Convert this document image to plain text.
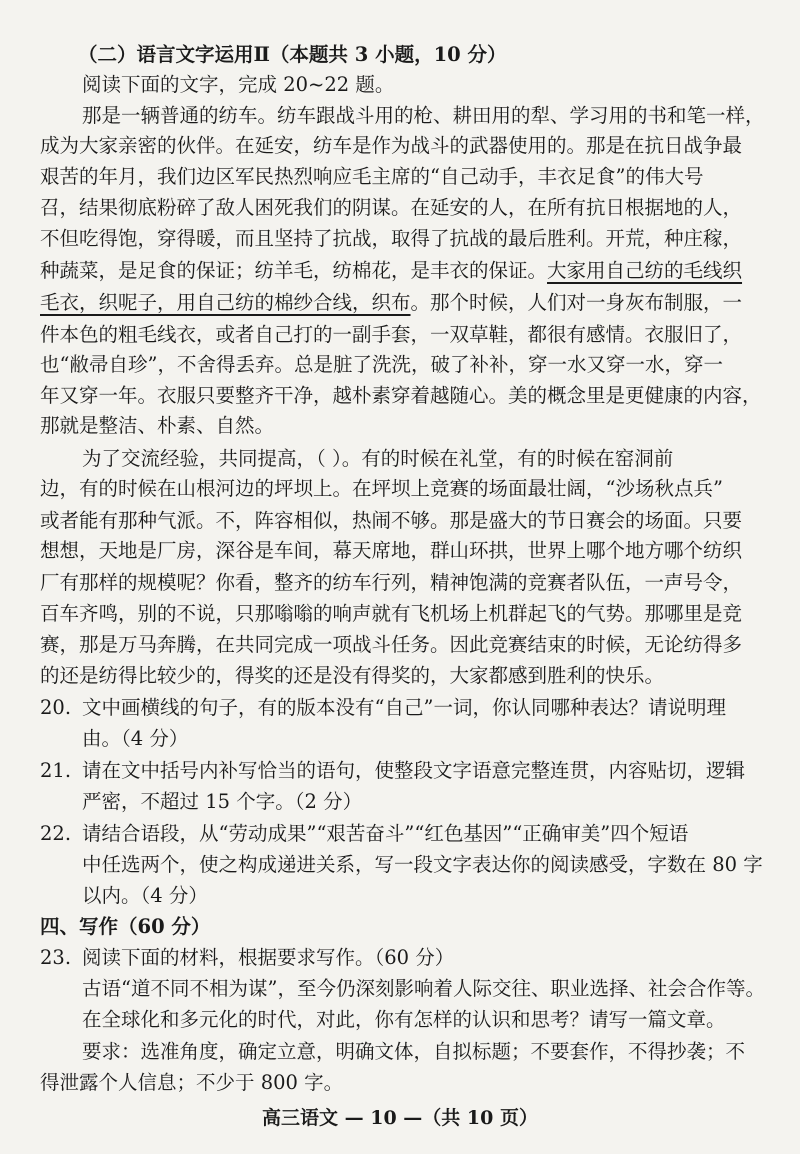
（二）语言文字运用Ⅱ（本题共 3 小题，10 分）
阅读下面的文字，完成 20~22 题。
那是一辆普通的纺车。纺车跟战斗用的枪、耕田用的犁、学习用的书和笔一样，
成为大家亲密的伙伴。在延安，纺车是作为战斗的武器使用的。那是在抗日战争最
艰苦的年月，我们边区军民热烈响应毛主席的“自己动手，丰衣足食”的伟大号
召，结果彻底粉碎了敌人困死我们的阴谋。在延安的人，在所有抗日根据地的人，
不但吃得饱，穿得暖，而且坚持了抗战，取得了抗战的最后胜利。开荒，种庄稼，
种蔬菜，是足食的保证；纺羊毛，纺棉花，是丰衣的保证。大家用自己纺的毛线织
毛衣，织呢子，用自己纺的棉纱合线，织布。那个时候，人们对一身灰布制服，一
件本色的粗毛线衣，或者自己打的一副手套，一双草鞋，都很有感情。衣服旧了，
也“敝帚自珍”，不舍得丢弃。总是脏了洗洗，破了补补，穿一水又穿一水，穿一
年又穿一年。衣服只要整齐干净，越朴素穿着越随心。美的概念里是更健康的内容，
那就是整洁、朴素、自然。
为了交流经验，共同提高，（ ）。有的时候在礼堂，有的时候在窑洞前
边，有的时候在山根河边的坪坝上。在坪坝上竞赛的场面最壮阔，“沙场秋点兵”
或者能有那种气派。不，阵容相似，热闹不够。那是盛大的节日赛会的场面。只要
想想，天地是厂房，深谷是车间，幕天席地，群山环拱，世界上哪个地方哪个纺织
厂有那样的规模呢？你看，整齐的纺车行列，精神饱满的竞赛者队伍，一声号令，
百车齐鸣，别的不说，只那嗡嗡的响声就有飞机场上机群起飞的气势。那哪里是竞
赛，那是万马奔腾，在共同完成一项战斗任务。因此竞赛结束的时候，无论纺得多
的还是纺得比较少的，得奖的还是没有得奖的，大家都感到胜利的快乐。
20. 文中画横线的句子，有的版本没有“自己”一词，你认同哪种表达？请说明理
由。（4 分）
21. 请在文中括号内补写恰当的语句，使整段文字语意完整连贯，内容贴切，逻辑
严密，不超过 15 个字。（2 分）
22. 请结合语段，从“劳动成果”“艰苦奋斗”“红色基因”“正确审美”四个短语
中任选两个，使之构成递进关系，写一段文字表达你的阅读感受，字数在 80 字
以内。（4 分）
四、写作（60 分）
23. 阅读下面的材料，根据要求写作。（60 分）
古语“道不同不相为谋”，至今仍深刻影响着人际交往、职业选择、社会合作等。
在全球化和多元化的时代，对此，你有怎样的认识和思考？请写一篇文章。
要求：选准角度，确定立意，明确文体，自拟标题；不要套作，不得抄袭；不
得泄露个人信息；不少于 800 字。
高三语文 — 10 —（共 10 页）
